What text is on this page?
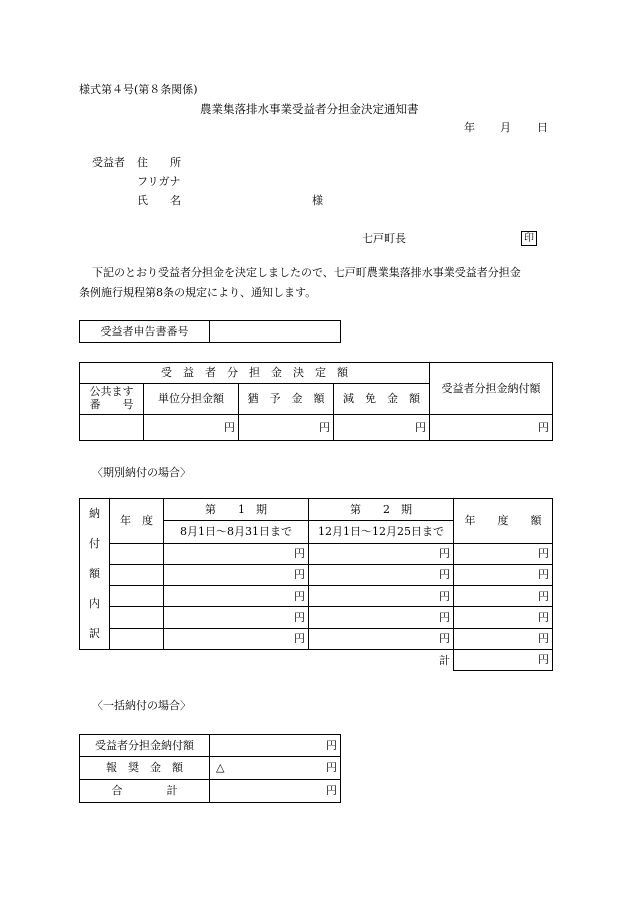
様式第４号(第８条関係)
農業集落排水事業受益者分担金決定通知書
年 月 日
受益者 住　　所
フリガナ
氏　　名	様
七戸町長	印
下記のとおり受益者分担金を決定しましたので、七戸町農業集落排水事業受益者分担金
条例施行規程第8条の規定により、通知します。
受益者申告書番号	
受　益　者　分　担　金　決　定　額				受益者分担金納付額
公共ます
番　　号	単位分担金額	猶　予　金　額	減　免　金　額	
	円	円	円	円
〈期別納付の場合〉
納
付
額
内
訳	年　度	第　　1　期	第　　2　期	年　　度　　額
		8月1日～8月31日まで	12月1日～12月25日まで	
		円	円	円
		円	円	円
		円	円	円
		円	円	円
		円	円	円
			計	円
〈一括納付の場合〉
受益者分担金納付額	円
報　奨　金　額	△ 円

合　　　　計	円
